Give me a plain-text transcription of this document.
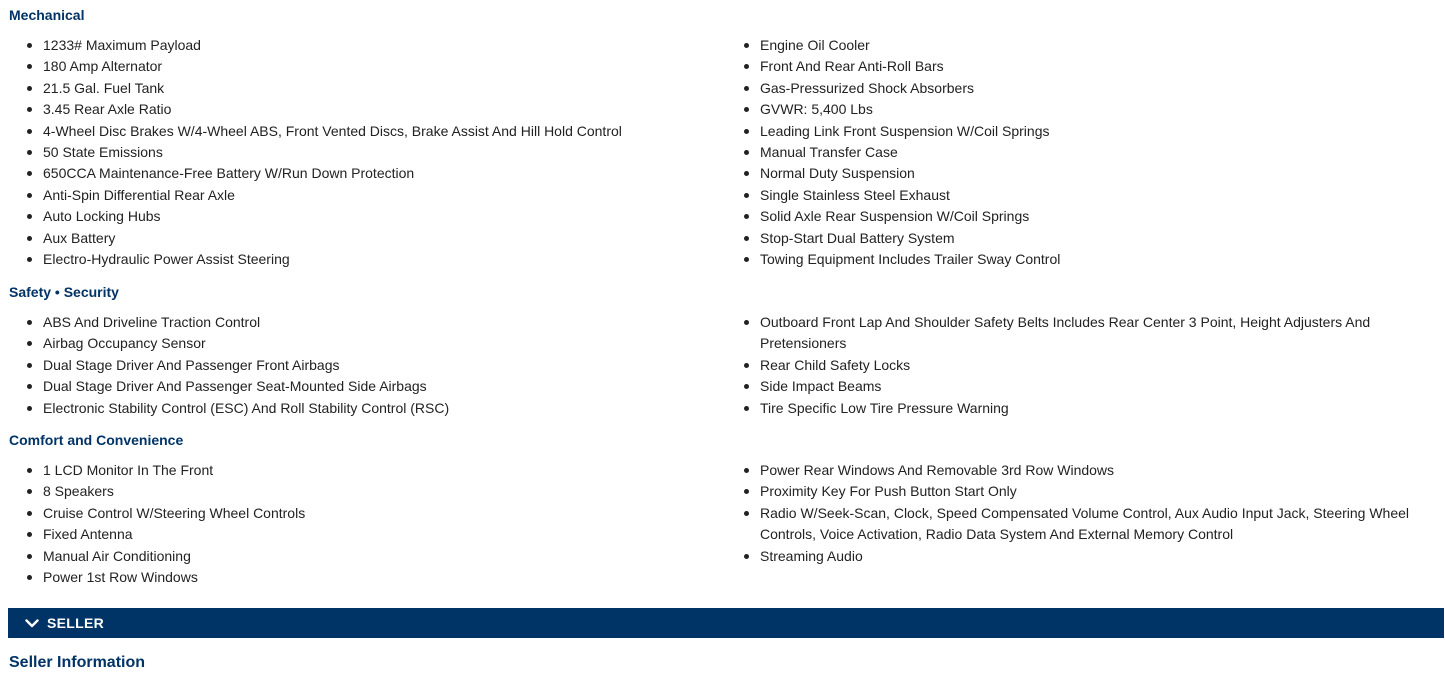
Mechanical
1233# Maximum Payload
180 Amp Alternator
21.5 Gal. Fuel Tank
3.45 Rear Axle Ratio
4-Wheel Disc Brakes W/4-Wheel ABS, Front Vented Discs, Brake Assist And Hill Hold Control
50 State Emissions
650CCA Maintenance-Free Battery W/Run Down Protection
Anti-Spin Differential Rear Axle
Auto Locking Hubs
Aux Battery
Electro-Hydraulic Power Assist Steering
Engine Oil Cooler
Front And Rear Anti-Roll Bars
Gas-Pressurized Shock Absorbers
GVWR: 5,400 Lbs
Leading Link Front Suspension W/Coil Springs
Manual Transfer Case
Normal Duty Suspension
Single Stainless Steel Exhaust
Solid Axle Rear Suspension W/Coil Springs
Stop-Start Dual Battery System
Towing Equipment Includes Trailer Sway Control
Safety • Security
ABS And Driveline Traction Control
Airbag Occupancy Sensor
Dual Stage Driver And Passenger Front Airbags
Dual Stage Driver And Passenger Seat-Mounted Side Airbags
Electronic Stability Control (ESC) And Roll Stability Control (RSC)
Outboard Front Lap And Shoulder Safety Belts Includes Rear Center 3 Point, Height Adjusters And Pretensioners
Rear Child Safety Locks
Side Impact Beams
Tire Specific Low Tire Pressure Warning
Comfort and Convenience
1 LCD Monitor In The Front
8 Speakers
Cruise Control W/Steering Wheel Controls
Fixed Antenna
Manual Air Conditioning
Power 1st Row Windows
Power Rear Windows And Removable 3rd Row Windows
Proximity Key For Push Button Start Only
Radio W/Seek-Scan, Clock, Speed Compensated Volume Control, Aux Audio Input Jack, Steering Wheel Controls, Voice Activation, Radio Data System And External Memory Control
Streaming Audio
SELLER
Seller Information
